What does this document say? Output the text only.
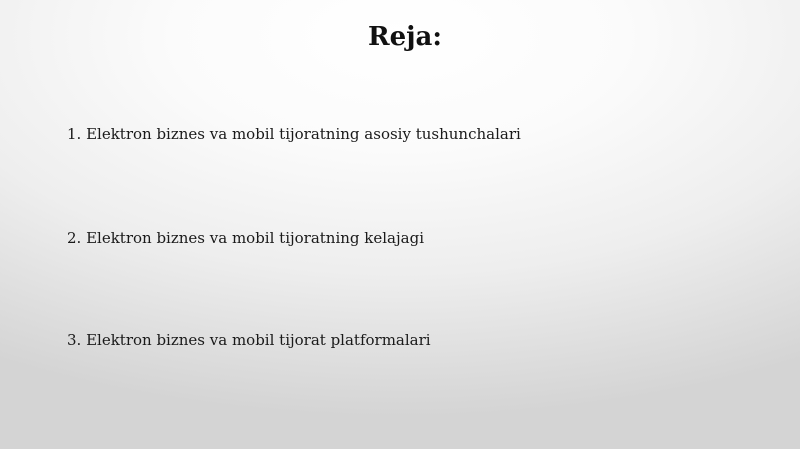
Reja:
1. Elektron biznes va mobil tijoratning asosiy tushunchalari
2. Elektron biznes va mobil tijoratning kelajagi
3. Elektron biznes va mobil tijorat platformalari
